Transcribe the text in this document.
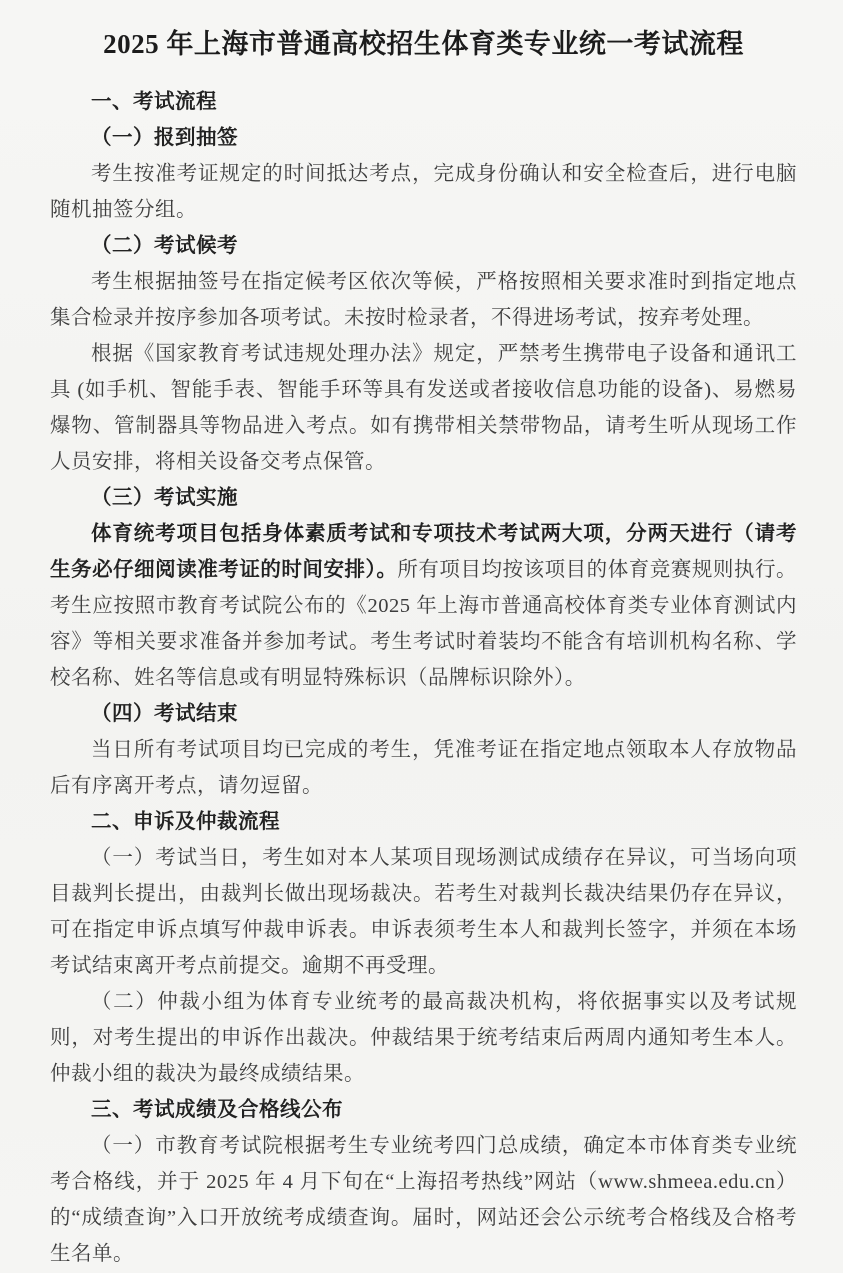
2025 年上海市普通高校招生体育类专业统一考试流程
一、考试流程
（一）报到抽签

考生按准考证规定的时间抵达考点，完成身份确认和安全检查后，进行电脑随机抽签分组。

（二）考试候考

考生根据抽签号在指定候考区依次等候，严格按照相关要求准时到指定地点集合检录并按序参加各项考试。未按时检录者，不得进场考试，按弃考处理。

根据《国家教育考试违规处理办法》规定，严禁考生携带电子设备和通讯工具 (如手机、智能手表、智能手环等具有发送或者接收信息功能的设备)、易燃易爆物、管制器具等物品进入考点。如有携带相关禁带物品，请考生听从现场工作人员安排，将相关设备交考点保管。

（三）考试实施

体育统考项目包括身体素质考试和专项技术考试两大项，分两天进行（请考生务必仔细阅读准考证的时间安排）。所有项目均按该项目的体育竞赛规则执行。考生应按照市教育考试院公布的《2025 年上海市普通高校体育类专业体育测试内容》等相关要求准备并参加考试。考生考试时着装均不能含有培训机构名称、学校名称、姓名等信息或有明显特殊标识（品牌标识除外）。

（四）考试结束

当日所有考试项目均已完成的考生，凭准考证在指定地点领取本人存放物品后有序离开考点，请勿逗留。

二、申诉及仲裁流程

（一）考试当日，考生如对本人某项目现场测试成绩存在异议，可当场向项目裁判长提出，由裁判长做出现场裁决。若考生对裁判长裁决结果仍存在异议，可在指定申诉点填写仲裁申诉表。申诉表须考生本人和裁判长签字，并须在本场考试结束离开考点前提交。逾期不再受理。

（二）仲裁小组为体育专业统考的最高裁决机构，将依据事实以及考试规则，对考生提出的申诉作出裁决。仲裁结果于统考结束后两周内通知考生本人。仲裁小组的裁决为最终成绩结果。

三、考试成绩及合格线公布

（一）市教育考试院根据考生专业统考四门总成绩，确定本市体育类专业统考合格线，并于 2025 年 4 月下旬在“上海招考热线”网站（www.shmeea.edu.cn）的“成绩查询”入口开放统考成绩查询。届时，网站还会公示统考合格线及合格考生名单。
